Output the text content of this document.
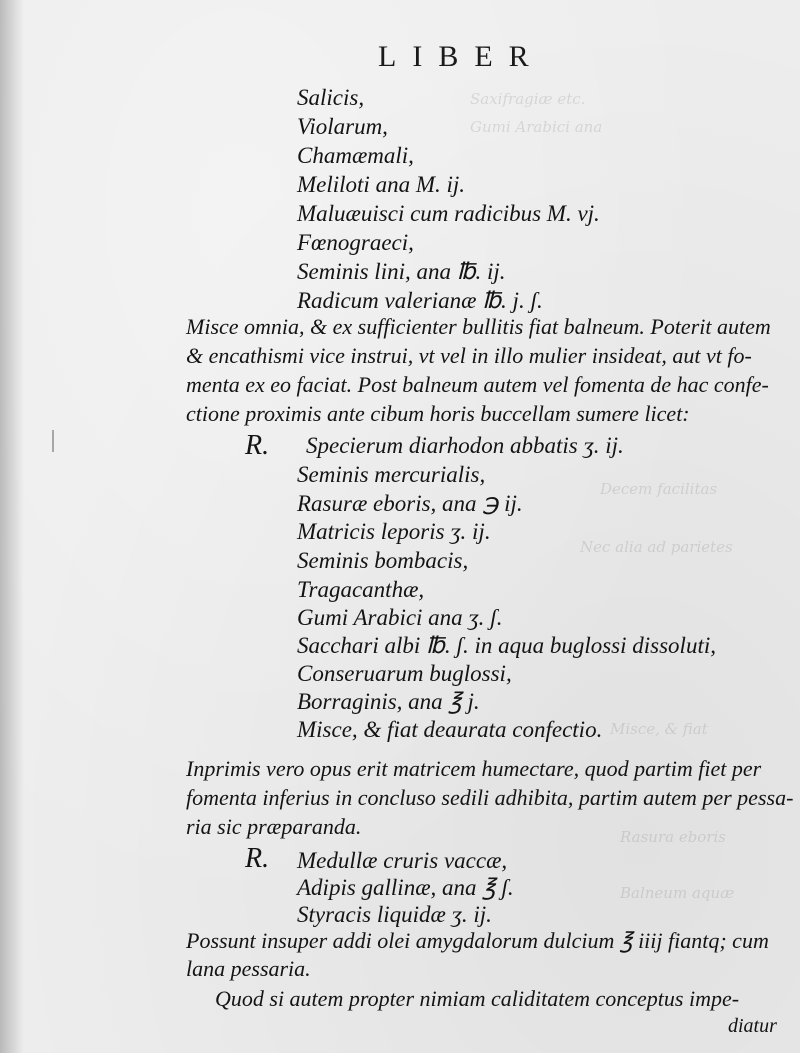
Saxifragiæ etc.
Gumi Arabici ana
Decem facilitas
Nec alia ad parietes
Misce, & fiat
Rasura eboris
Balneum aquæ
LIBER
Salicis,
Violarum,
Chamæmali,
Meliloti ana M. ij.
Maluæuisci cum radicibus M. vj.
Fœnograeci,
Seminis lini, ana ℔. ij.
Radicum valerianæ ℔. j. ʃ.
Misce omnia, & ex sufficienter bullitis fiat balneum. Poterit autem
& encathismi vice instrui, vt vel in illo mulier insideat, aut vt fo-
menta ex eo faciat. Post balneum autem vel fomenta de hac confe-
ctione proximis ante cibum horis buccellam sumere licet:
R. Specierum diarhodon abbatis ʒ. ij.
Seminis mercurialis,
Rasuræ eboris, ana ℈ ij.
Matricis leporis ʒ. ij.
Seminis bombacis,
Tragacanthæ,
Gumi Arabici ana ʒ. ʃ.
Sacchari albi ℔. ʃ. in aqua buglossi dissoluti,
Conseruarum buglossi,
Borraginis, ana ℥ j.
Misce, & fiat deaurata confectio.
Inprimis vero opus erit matricem humectare, quod partim fiet per
fomenta inferius in concluso sedili adhibita, partim autem per pessa-
ria sic præparanda.
R. Medullæ cruris vaccæ,
Adipis gallinæ, ana ℥ ʃ.
Styracis liquidæ ʒ. ij.
Possunt insuper addi olei amygdalorum dulcium ℥ iiij fiantq; cum
lana pessaria.
Quod si autem propter nimiam caliditatem conceptus impe-
diatur
